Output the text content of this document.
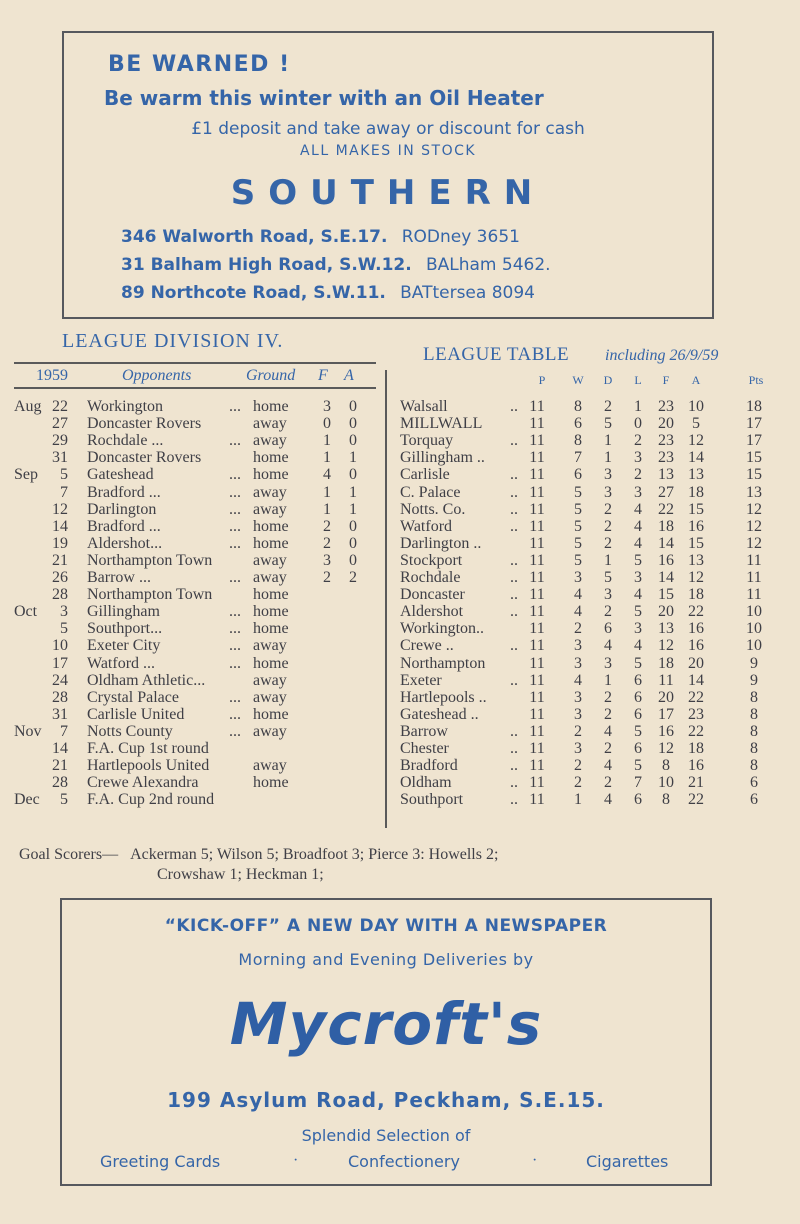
BE WARNED !
Be warm this winter with an Oil Heater
£1 deposit and take away or discount for cash
ALL MAKES IN STOCK
SOUTHERN
346 Walworth Road, S.E.17. RODney 3651
31 Balham High Road, S.W.12. BALham 5462.
89 Northcote Road, S.W.11. BATtersea 8094
LEAGUE DIVISION IV.
1959	Opponents	Ground F A
Aug 22 Workington	... home 3 0
27 Doncaster Rovers	away 0 0
29 Rochdale ...	... away 1 0
31 Doncaster Rovers	home 1 1
Sep	5 Gateshead	... home 4 0
7 Bradford ...	... away 1 1
12 Darlington	... away 1 1
14 Bradford ...	... home 2 0
19 Aldershot...	... home 2 0
21 Northampton Town	away 3 0
26 Barrow ...	... away 2 2
28 Northampton Town	home
Oct	3 Gillingham	... home
5 Southport...	... home
10 Exeter City	... away
17 Watford ...	... home
24 Oldham Athletic...	away
28 Crystal Palace	... away
31 Carlisle United	... home
Nov	7 Notts County	... away
14 F.A. Cup 1st round
21 Hartlepools United	away
28 Crewe Alexandra	home
Dec	5 F.A. Cup 2nd round
LEAGUE TABLE including 26/9/59
P	W	D	L	F	A	Pts
Walsall	.. 11	8	2	1	23 10	18
MILLWALL	11	6	5	0	20	5	17
Torquay	.. 11	8	1	2	23 12	17
Gillingham ..	11	7	1	3	23 14	15
Carlisle	.. 11	6	3	2	13 13	15
C. Palace	.. 11	5	3	3	27 18	13
Notts. Co.	.. 11	5	2	4	22 15	12
Watford	.. 11	5	2	4	18 16	12
Darlington ..	11	5	2	4	14 15	12
Stockport	.. 11	5	1	5	16 13	11
Rochdale	.. 11	3	5	3	14 12	11
Doncaster	.. 11	4	3	4	15 18	11
Aldershot	.. 11	4	2	5	20 22	10
Workington..	11	2	6	3	13 16	10
Crewe ..	.. 11	3	4	4	12 16	10
Northampton	11	3	3	5	18 20	9
Exeter	.. 11	4	1	6	11 14	9
Hartlepools ..	11	3	2	6	20 22	8
Gateshead ..	11	3	2	6	17 23	8
Barrow	.. 11	2	4	5	16 22	8
Chester	.. 11	3	2	6	12 18	8
Bradford	.. 11	2	4	5	8	16	8
Oldham	.. 11	2	2	7	10 21	6
Southport	.. 11	1	4	6	8	22	6
Goal Scorers— Ackerman 5; Wilson 5; Broadfoot 3; Pierce 3: Howells 2;
Crowshaw 1; Heckman 1;
“KICK-OFF” A NEW DAY WITH A NEWSPAPER
Morning and Evening Deliveries by
Mycroft's
199 Asylum Road, Peckham, S.E.15.
Splendid Selection of
Greeting Cards	·	Confectionery	·	Cigarettes
